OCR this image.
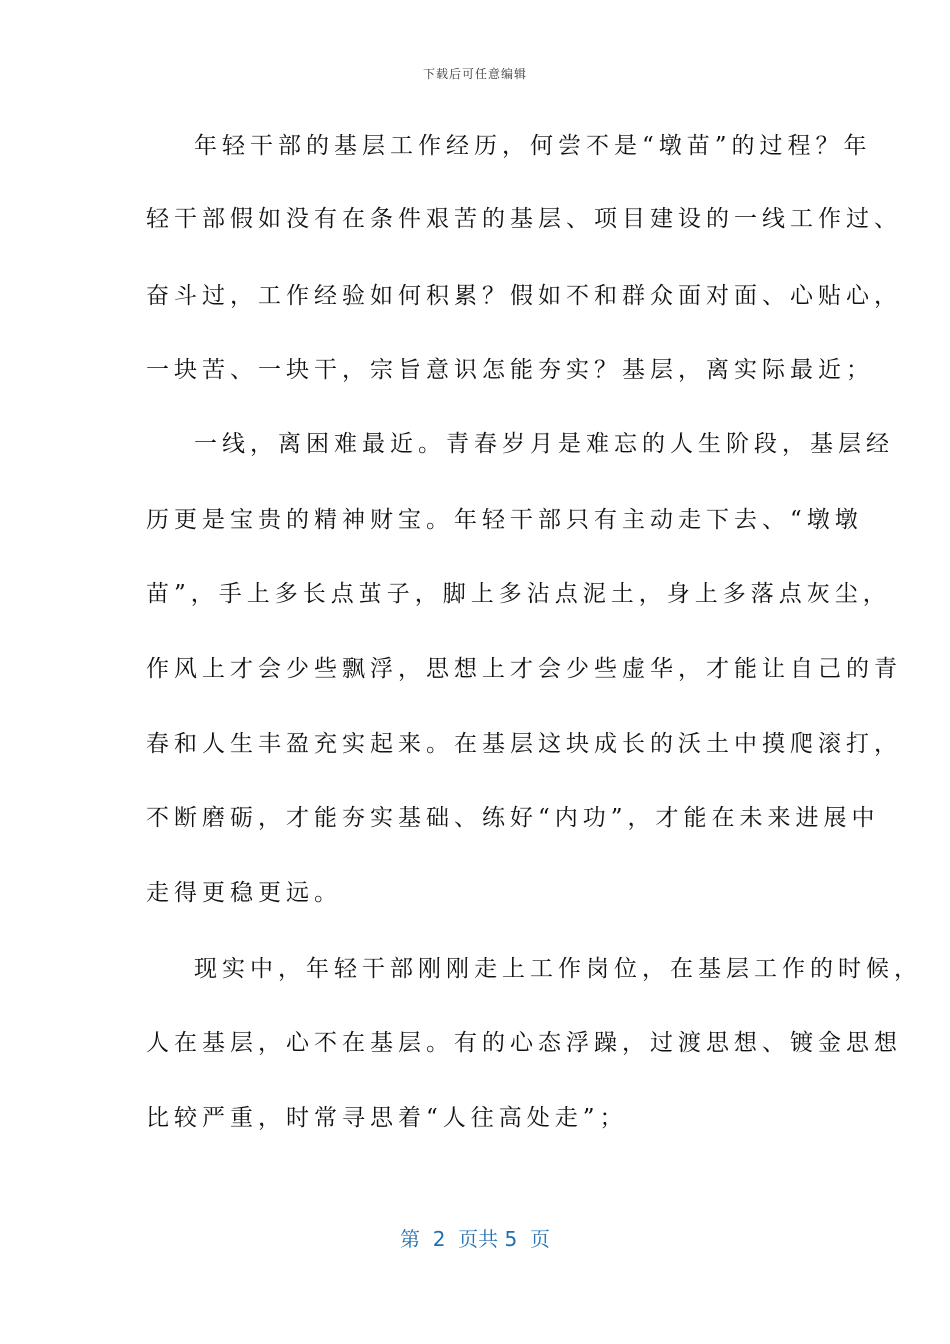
下载后可任意编辑
年轻干部的基层工作经历，何尝不是“墩苗”的过程？年
轻干部假如没有在条件艰苦的基层、项目建设的一线工作过、
奋斗过，工作经验如何积累？假如不和群众面对面、心贴心，
一块苦、一块干，宗旨意识怎能夯实？基层，离实际最近；
一线，离困难最近。青春岁月是难忘的人生阶段，基层经
历更是宝贵的精神财宝。年轻干部只有主动走下去、“墩墩
苗”，手上多长点茧子，脚上多沾点泥土，身上多落点灰尘，
作风上才会少些飘浮，思想上才会少些虚华，才能让自己的青
春和人生丰盈充实起来。在基层这块成长的沃土中摸爬滚打，
不断磨砺，才能夯实基础、练好“内功”，才能在未来进展中
走得更稳更远。
现实中，年轻干部刚刚走上工作岗位，在基层工作的时候，
人在基层，心不在基层。有的心态浮躁，过渡思想、镀金思想
比较严重，时常寻思着“人往高处走”；
第  2  页共 5  页
